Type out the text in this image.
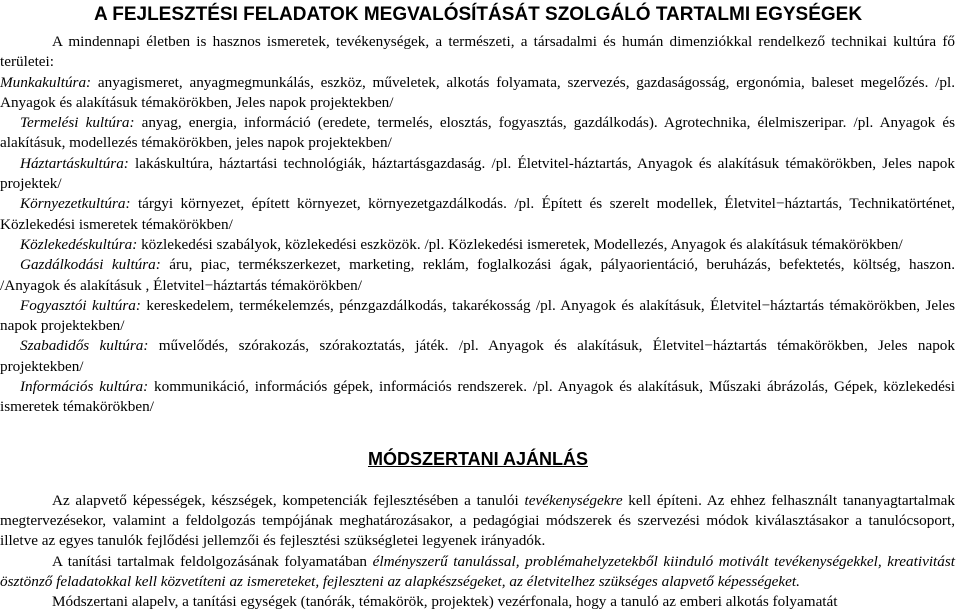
A FEJLESZTÉSI FELADATOK MEGVALÓSÍTÁSÁT SZOLGÁLÓ TARTALMI EGYSÉGEK

A mindennapi életben is hasznos ismeretek, tevékenységek, a természeti, a társadalmi és humán dimenziókkal rendelkező technikai kultúra fő területei:

Munkakultúra: anyagismeret, anyagmegmunkálás, eszköz, műveletek, alkotás folyamata, szervezés, gazdaságosság, ergonómia, baleset megelőzés. /pl. Anyagok és alakításuk témakörökben, Jeles napok projektekben/

Termelési kultúra: anyag, energia, információ (eredete, termelés, elosztás, fogyasztás, gazdálkodás). Agrotechnika, élelmiszeripar. /pl. Anyagok és alakításuk, modellezés témakörökben, jeles napok projektekben/

Háztartáskultúra: lakáskultúra, háztartási technológiák, háztartásgazdaság. /pl. Életvitel-háztartás, Anyagok és alakításuk témakörökben, Jeles napok projektek/

Környezetkultúra: tárgyi környezet, épített környezet, környezetgazdálkodás. /pl. Épített és szerelt modellek, Életvitel−háztartás, Technikatörténet, Közlekedési ismeretek témakörökben/

Közlekedéskultúra: közlekedési szabályok, közlekedési eszközök. /pl. Közlekedési ismeretek, Modellezés, Anyagok és alakításuk témakörökben/

Gazdálkodási kultúra: áru, piac, termékszerkezet, marketing, reklám, foglalkozási ágak, pályaorientáció, beruházás, befektetés, költség, haszon. /Anyagok és alakításuk , Életvitel−háztartás témakörökben/

Fogyasztói kultúra: kereskedelem, termékelemzés, pénzgazdálkodás, takarékosság /pl. Anyagok és alakításuk, Életvitel−háztartás témakörökben, Jeles napok projektekben/

Szabadidős kultúra: művelődés, szórakozás, szórakoztatás, játék. /pl. Anyagok és alakításuk, Életvitel−háztartás témakörökben, Jeles napok projektekben/

Információs kultúra: kommunikáció, információs gépek, információs rendszerek. /pl. Anyagok és alakításuk, Műszaki ábrázolás, Gépek, közlekedési ismeretek témakörökben/

MÓDSZERTANI AJÁNLÁS

Az alapvető képességek, készségek, kompetenciák fejlesztésében a tanulói tevékenységekre kell építeni. Az ehhez felhasznált tananyagtartalmak megtervezésekor, valamint a feldolgozás tempójának meghatározásakor, a pedagógiai módszerek és szervezési módok kiválasztásakor a tanulócsoport, illetve az egyes tanulók fejlődési jellemzői és fejlesztési szükségletei legyenek irányadók.

A tanítási tartalmak feldolgozásának folyamatában élményszerű tanulással, problémahelyzetekből kiinduló motivált tevékenységekkel, kreativitást ösztönző feladatokkal kell közvetíteni az ismereteket, fejleszteni az alapkészségeket, az életvitelhez szükséges alapvető képességeket.

Módszertani alapelv, a tanítási egységek (tanórák, témakörök, projektek) vezérfonala, hogy a tanuló az emberi alkotás folyamatát
